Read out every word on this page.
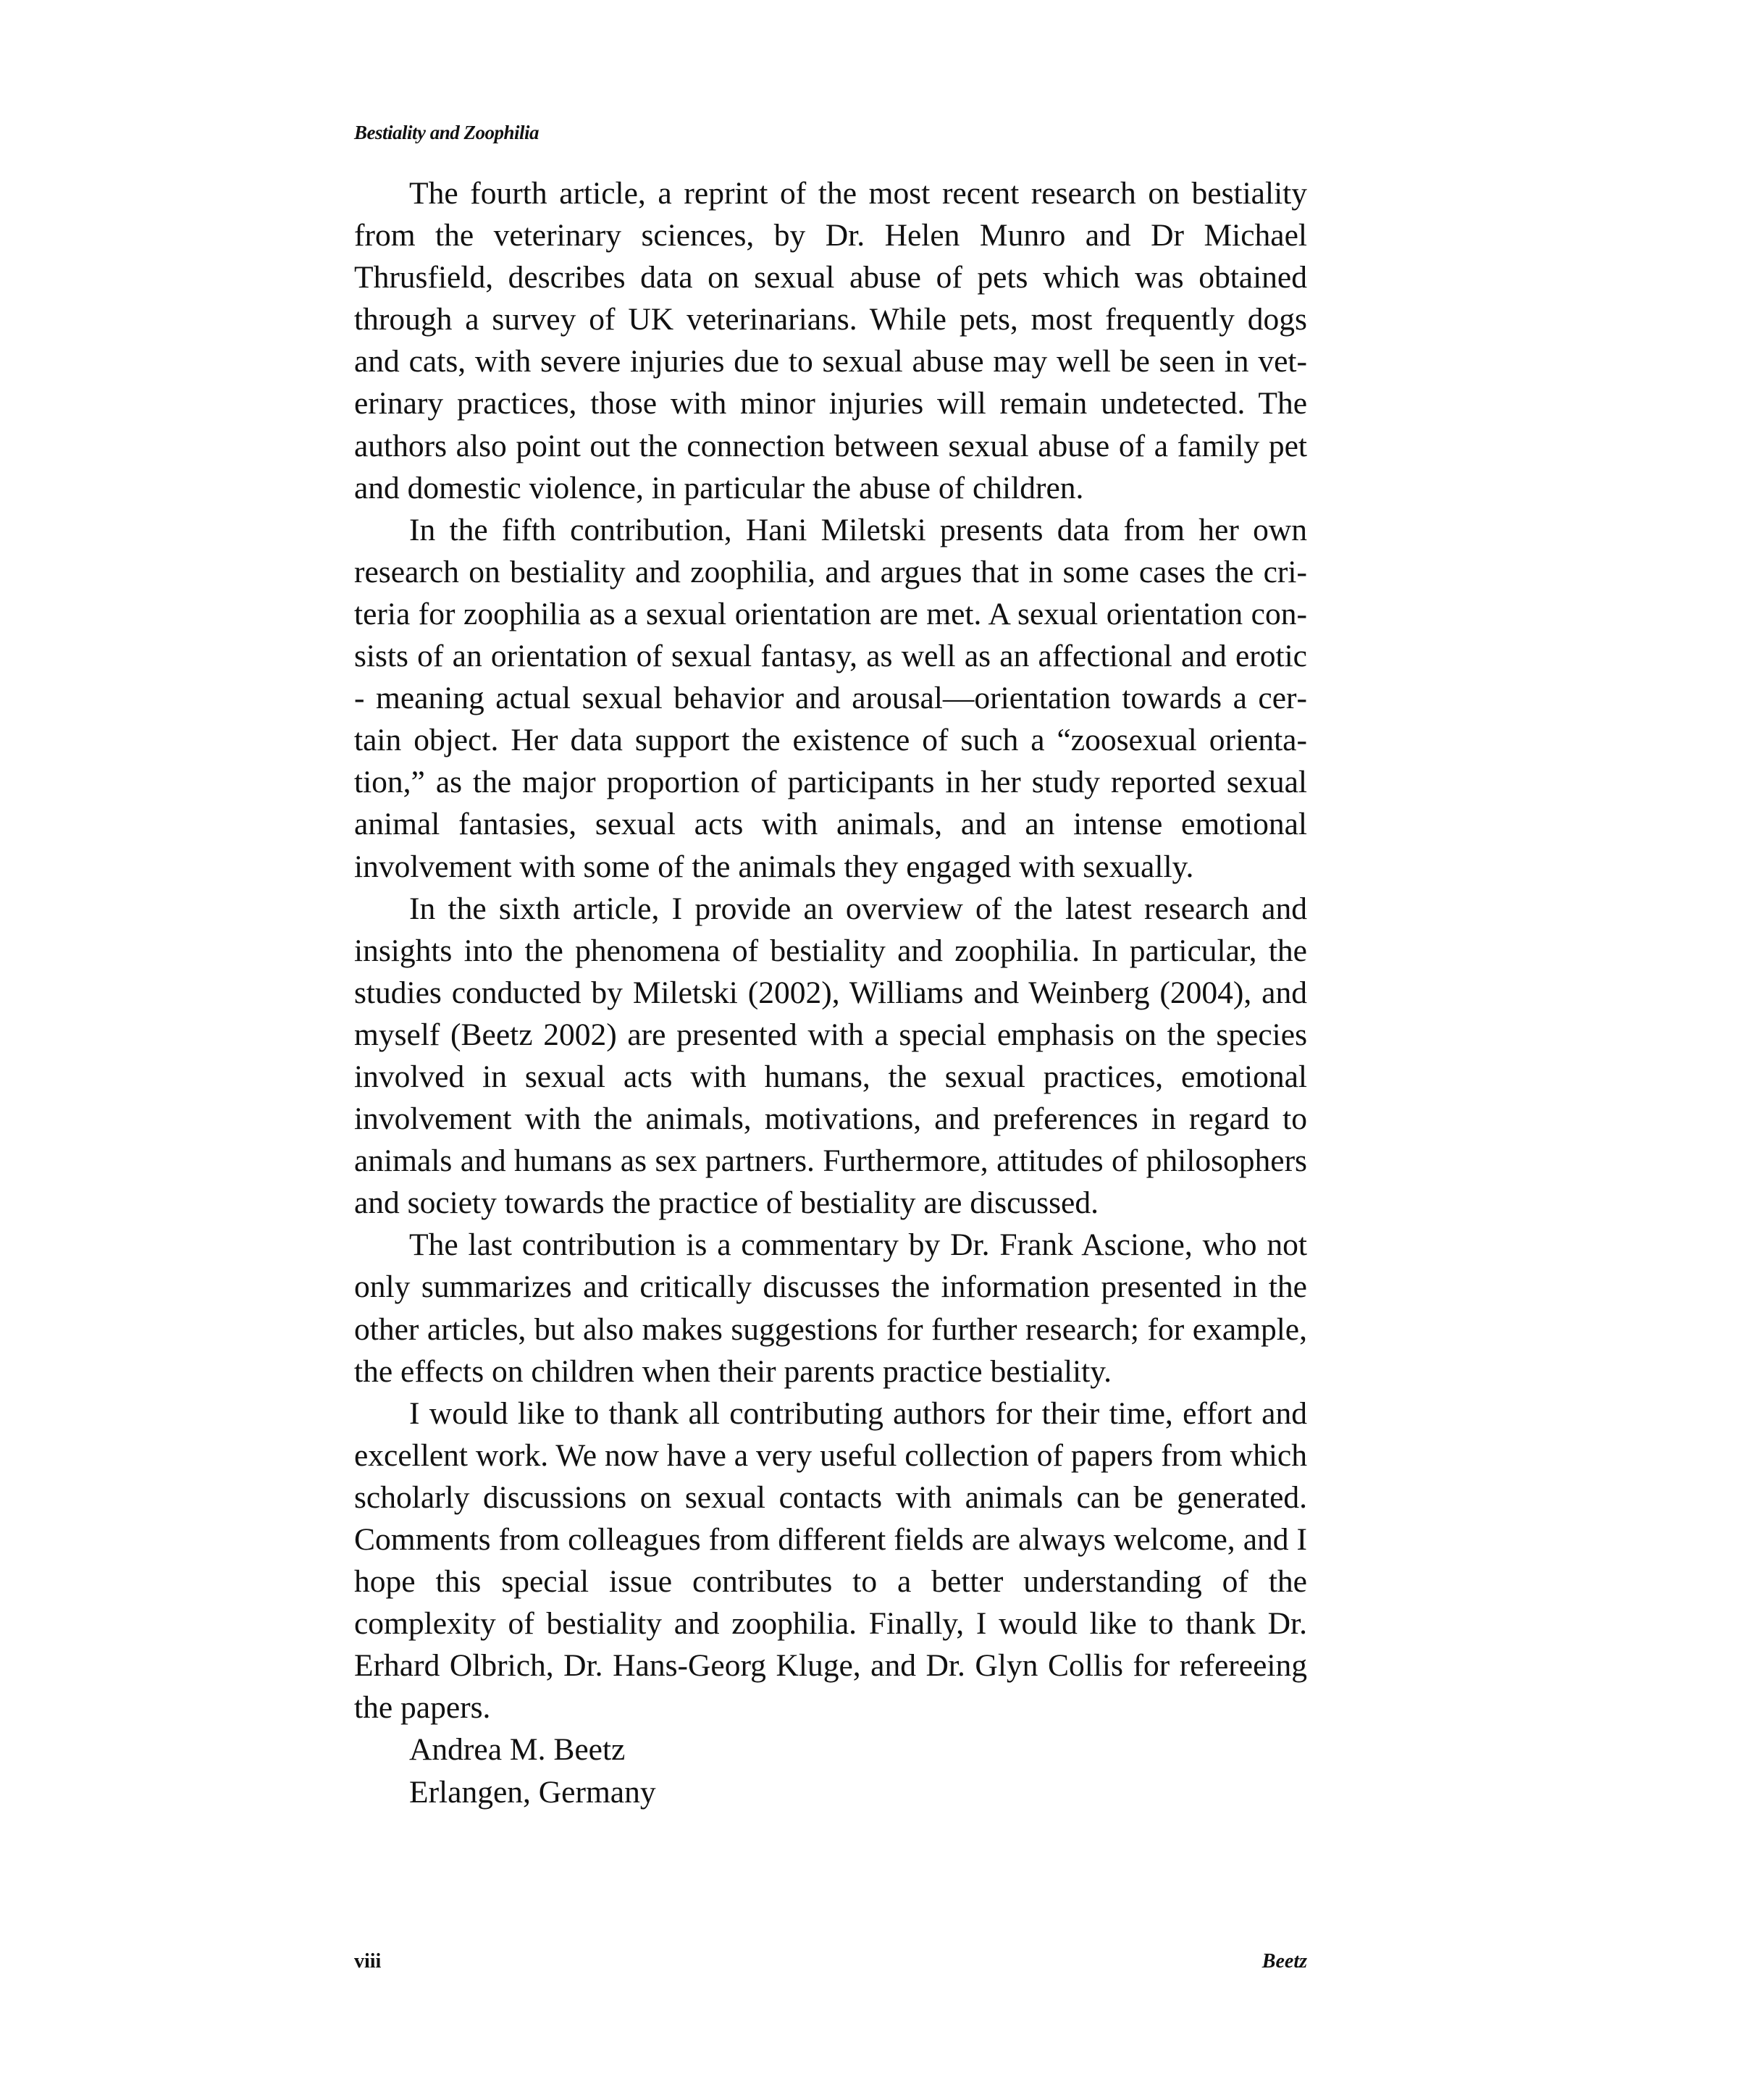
Bestiality and Zoophilia

The fourth article, a reprint of the most recent research on bestiality from the veterinary sciences, by Dr. Helen Munro and Dr Michael Thrusfield, describes data on sexual abuse of pets which was obtained through a survey of UK veterinarians. While pets, most frequently dogs and cats, with severe injuries due to sexual abuse may well be seen in veterinary practices, those with minor injuries will remain undetected. The authors also point out the connection between sexual abuse of a family pet and domestic violence, in particular the abuse of children.

In the fifth contribution, Hani Miletski presents data from her own research on bestiality and zoophilia, and argues that in some cases the criteria for zoophilia as a sexual orientation are met. A sexual orientation consists of an orientation of sexual fantasy, as well as an affectional and erotic - meaning actual sexual behavior and arousal—orientation towards a certain object. Her data support the existence of such a “zoosexual orientation,” as the major proportion of participants in her study reported sexual animal fantasies, sexual acts with animals, and an intense emotional involvement with some of the animals they engaged with sexually.

In the sixth article, I provide an overview of the latest research and insights into the phenomena of bestiality and zoophilia. In particular, the studies conducted by Miletski (2002), Williams and Weinberg (2004), and myself (Beetz 2002) are presented with a special emphasis on the species involved in sexual acts with humans, the sexual practices, emotional involvement with the animals, motivations, and preferences in regard to animals and humans as sex partners. Furthermore, attitudes of philosophers and society towards the practice of bestiality are discussed.

The last contribution is a commentary by Dr. Frank Ascione, who not only summarizes and critically discusses the information presented in the other articles, but also makes suggestions for further research; for example, the effects on children when their parents practice bestiality.

I would like to thank all contributing authors for their time, effort and excellent work. We now have a very useful collection of papers from which scholarly discussions on sexual contacts with animals can be generated. Comments from colleagues from different fields are always welcome, and I hope this special issue contributes to a better understanding of the complexity of bestiality and zoophilia. Finally, I would like to thank Dr. Erhard Olbrich, Dr. Hans-Georg Kluge, and Dr. Glyn Collis for refereeing the papers.

Andrea M. Beetz

Erlangen, Germany

viii	Beetz
